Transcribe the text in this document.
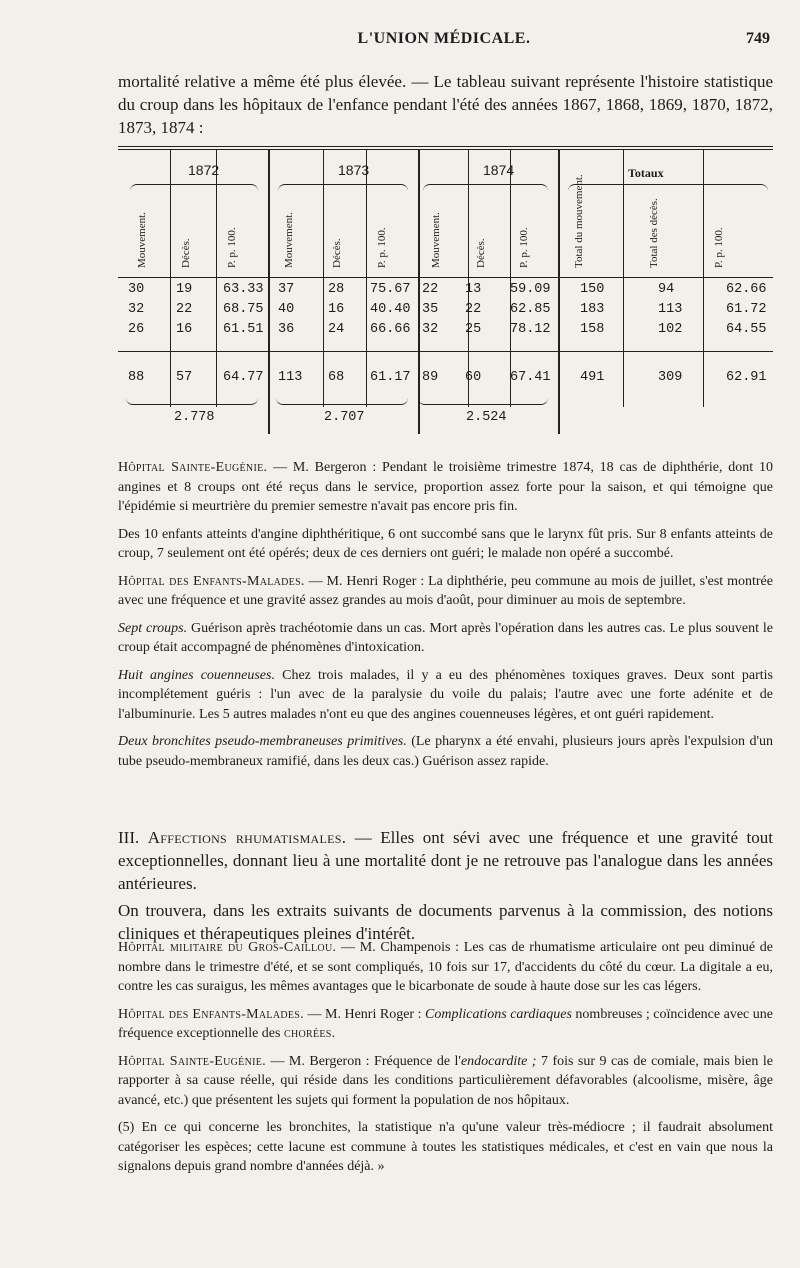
L'UNION MÉDICALE.	749
mortalité relative a même été plus élevée. — Le tableau suivant représente l'histoire statistique du croup dans les hôpitaux de l'enfance pendant l'été des années 1867, 1868, 1869, 1870, 1872, 1873, 1874 :
1872	1873	1874	Totaux
Mouvement.	Décès.	P. p. 100.	Mouvement.	Décès.	P. p. 100.	Mouvement.	Décès.	P. p. 100.	Total du mouvement.	Total des décès.	P. p. 100.
30 19 63.33 37	28 75.67 22 13 59.09 150	94	62.66
32 22 68.75 40	16 40.40 35 22 62.85 183	113	61.72
26 16 61.51 36	24 66.66 32 25 78.12 158	102	64.55
88 57 64.77 113 68 61.17 89 60 67.41 491	309	62.91
2.778	2.707	2.524
Hôpital Sainte-Eugénie. — M. Bergeron : Pendant le troisième trimestre 1874, 18 cas de diphthérie, dont 10 angines et 8 croups ont été reçus dans le service, proportion assez forte pour la saison, et qui témoigne que l'épidémie si meurtrière du premier semestre n'avait pas encore pris fin.
Des 10 enfants atteints d'angine diphthéritique, 6 ont succombé sans que le larynx fût pris. Sur 8 enfants atteints de croup, 7 seulement ont été opérés; deux de ces derniers ont guéri; le malade non opéré a succombé.
Hôpital des Enfants-Malades. — M. Henri Roger : La diphthérie, peu commune au mois de juillet, s'est montrée avec une fréquence et une gravité assez grandes au mois d'août, pour diminuer au mois de septembre.
Sept croups. Guérison après trachéotomie dans un cas. Mort après l'opération dans les autres cas. Le plus souvent le croup était accompagné de phénomènes d'intoxication.
Huit angines couenneuses. Chez trois malades, il y a eu des phénomènes toxiques graves. Deux sont partis incomplétement guéris : l'un avec de la paralysie du voile du palais; l'autre avec une forte adénite et de l'albuminurie. Les 5 autres malades n'ont eu que des angines couenneuses légères, et ont guéri rapidement.
Deux bronchites pseudo-membraneuses primitives. (Le pharynx a été envahi, plusieurs jours après l'expulsion d'un tube pseudo-membraneux ramifié, dans les deux cas.) Guérison assez rapide.
III. Affections rhumatismales. — Elles ont sévi avec une fréquence et une gravité tout exceptionnelles, donnant lieu à une mortalité dont je ne retrouve pas l'analogue dans les années antérieures.
On trouvera, dans les extraits suivants de documents parvenus à la commission, des notions cliniques et thérapeutiques pleines d'intérêt.
Hôpital militaire du Gros-Caillou. — M. Champenois : Les cas de rhumatisme articulaire ont peu diminué de nombre dans le trimestre d'été, et se sont compliqués, 10 fois sur 17, d'accidents du côté du cœur. La digitale a eu, contre les cas suraigus, les mêmes avantages que le bicarbonate de soude à haute dose sur les cas légers.
Hôpital des Enfants-Malades. — M. Henri Roger : Complications cardiaques nombreuses ; coïncidence avec une fréquence exceptionnelle des chorées.
Hôpital Sainte-Eugénie. — M. Bergeron : Fréquence de l'endocardite ; 7 fois sur 9 cas de comiale, mais bien le rapporter à sa cause réelle, qui réside dans les conditions particulièrement défavorables (alcoolisme, misère, âge avancé, etc.) que présentent les sujets qui forment la population de nos hôpitaux.
(5) En ce qui concerne les bronchites, la statistique n'a qu'une valeur très-médiocre ; il faudrait absolument catégoriser les espèces; cette lacune est commune à toutes les statistiques médicales, et c'est en vain que nous la signalons depuis grand nombre d'années déjà. »
